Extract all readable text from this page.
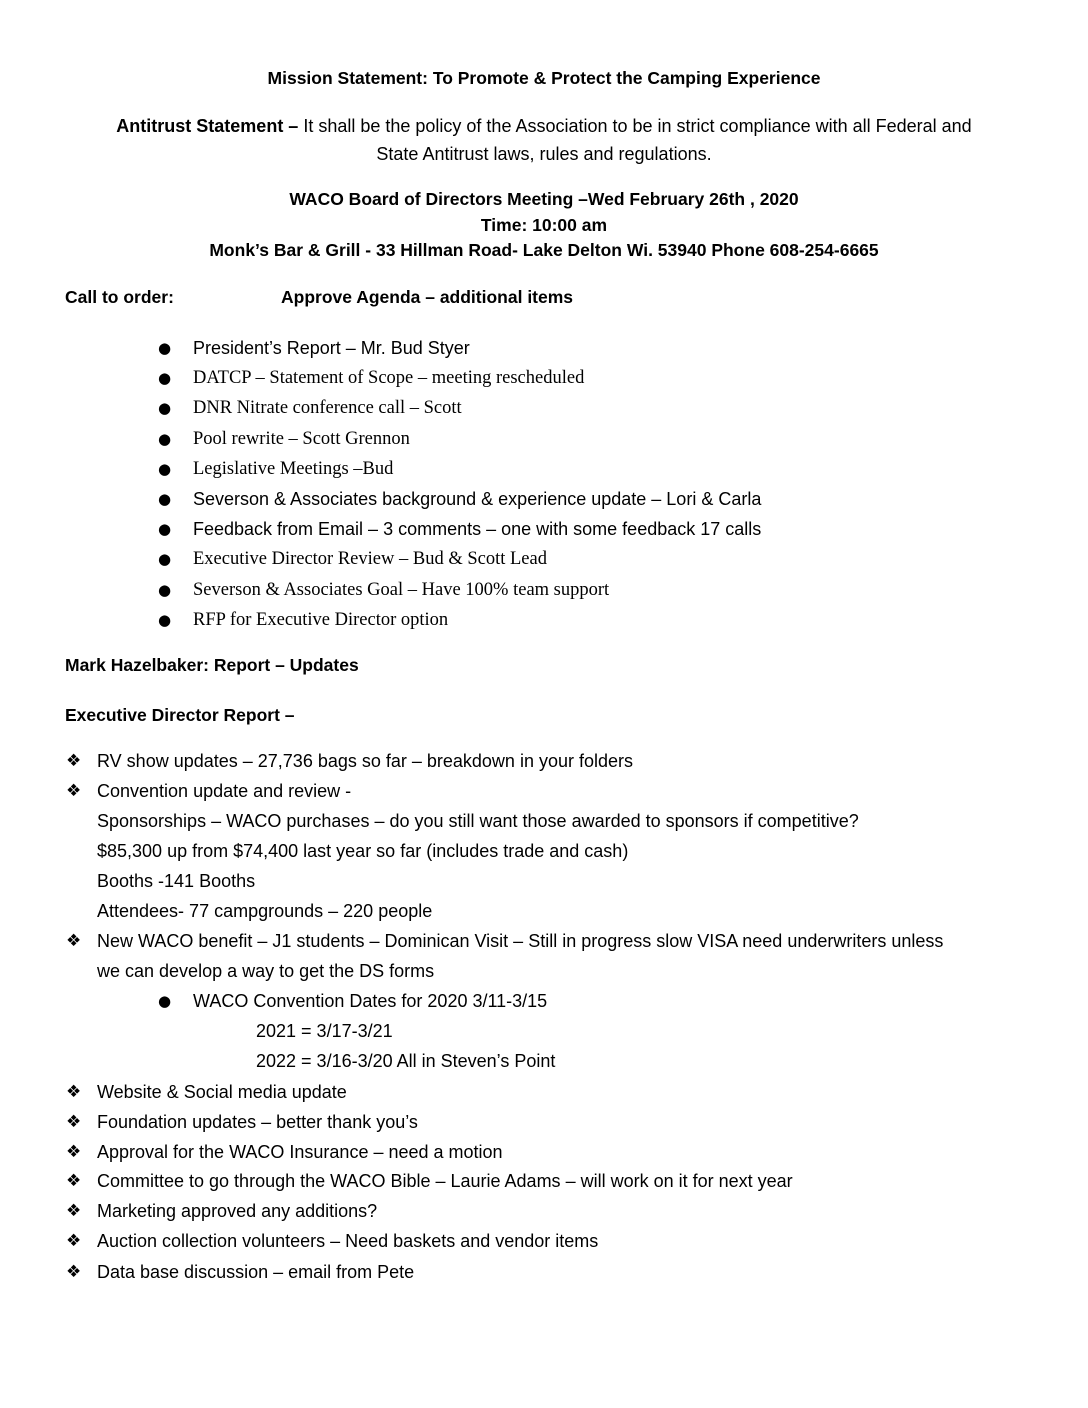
Mission Statement: To Promote & Protect the Camping Experience
Antitrust Statement – It shall be the policy of the Association to be in strict compliance with all Federal and
State Antitrust laws, rules and regulations.
WACO Board of Directors Meeting –Wed February 26th , 2020
Time: 10:00 am
Monk’s Bar & Grill - 33 Hillman Road- Lake Delton Wi. 53940 Phone 608-254-6665
Call to order:	Approve Agenda – additional items
● President’s Report – Mr. Bud Styer
● DATCP – Statement of Scope – meeting rescheduled
● DNR Nitrate conference call – Scott
● Pool rewrite – Scott Grennon
● Legislative Meetings –Bud
● Severson & Associates background & experience update – Lori & Carla
● Feedback from Email – 3 comments – one with some feedback 17 calls
● Executive Director Review – Bud & Scott Lead
● Severson & Associates Goal – Have 100% team support
● RFP for Executive Director option
Mark Hazelbaker: Report – Updates
Executive Director Report –
❖ RV show updates – 27,736 bags so far – breakdown in your folders
❖ Convention update and review -
Sponsorships – WACO purchases – do you still want those awarded to sponsors if competitive?
$85,300 up from $74,400 last year so far (includes trade and cash)
Booths -141 Booths
Attendees- 77 campgrounds – 220 people
❖ New WACO benefit – J1 students – Dominican Visit – Still in progress slow VISA need underwriters unless
we can develop a way to get the DS forms
● WACO Convention Dates for 2020 3/11-3/15
2021 = 3/17-3/21
2022 = 3/16-3/20 All in Steven’s Point
❖ Website & Social media update
❖ Foundation updates – better thank you’s
❖ Approval for the WACO Insurance – need a motion
❖ Committee to go through the WACO Bible – Laurie Adams – will work on it for next year
❖ Marketing approved any additions?
❖ Auction collection volunteers – Need baskets and vendor items
❖ Data base discussion – email from Pete
